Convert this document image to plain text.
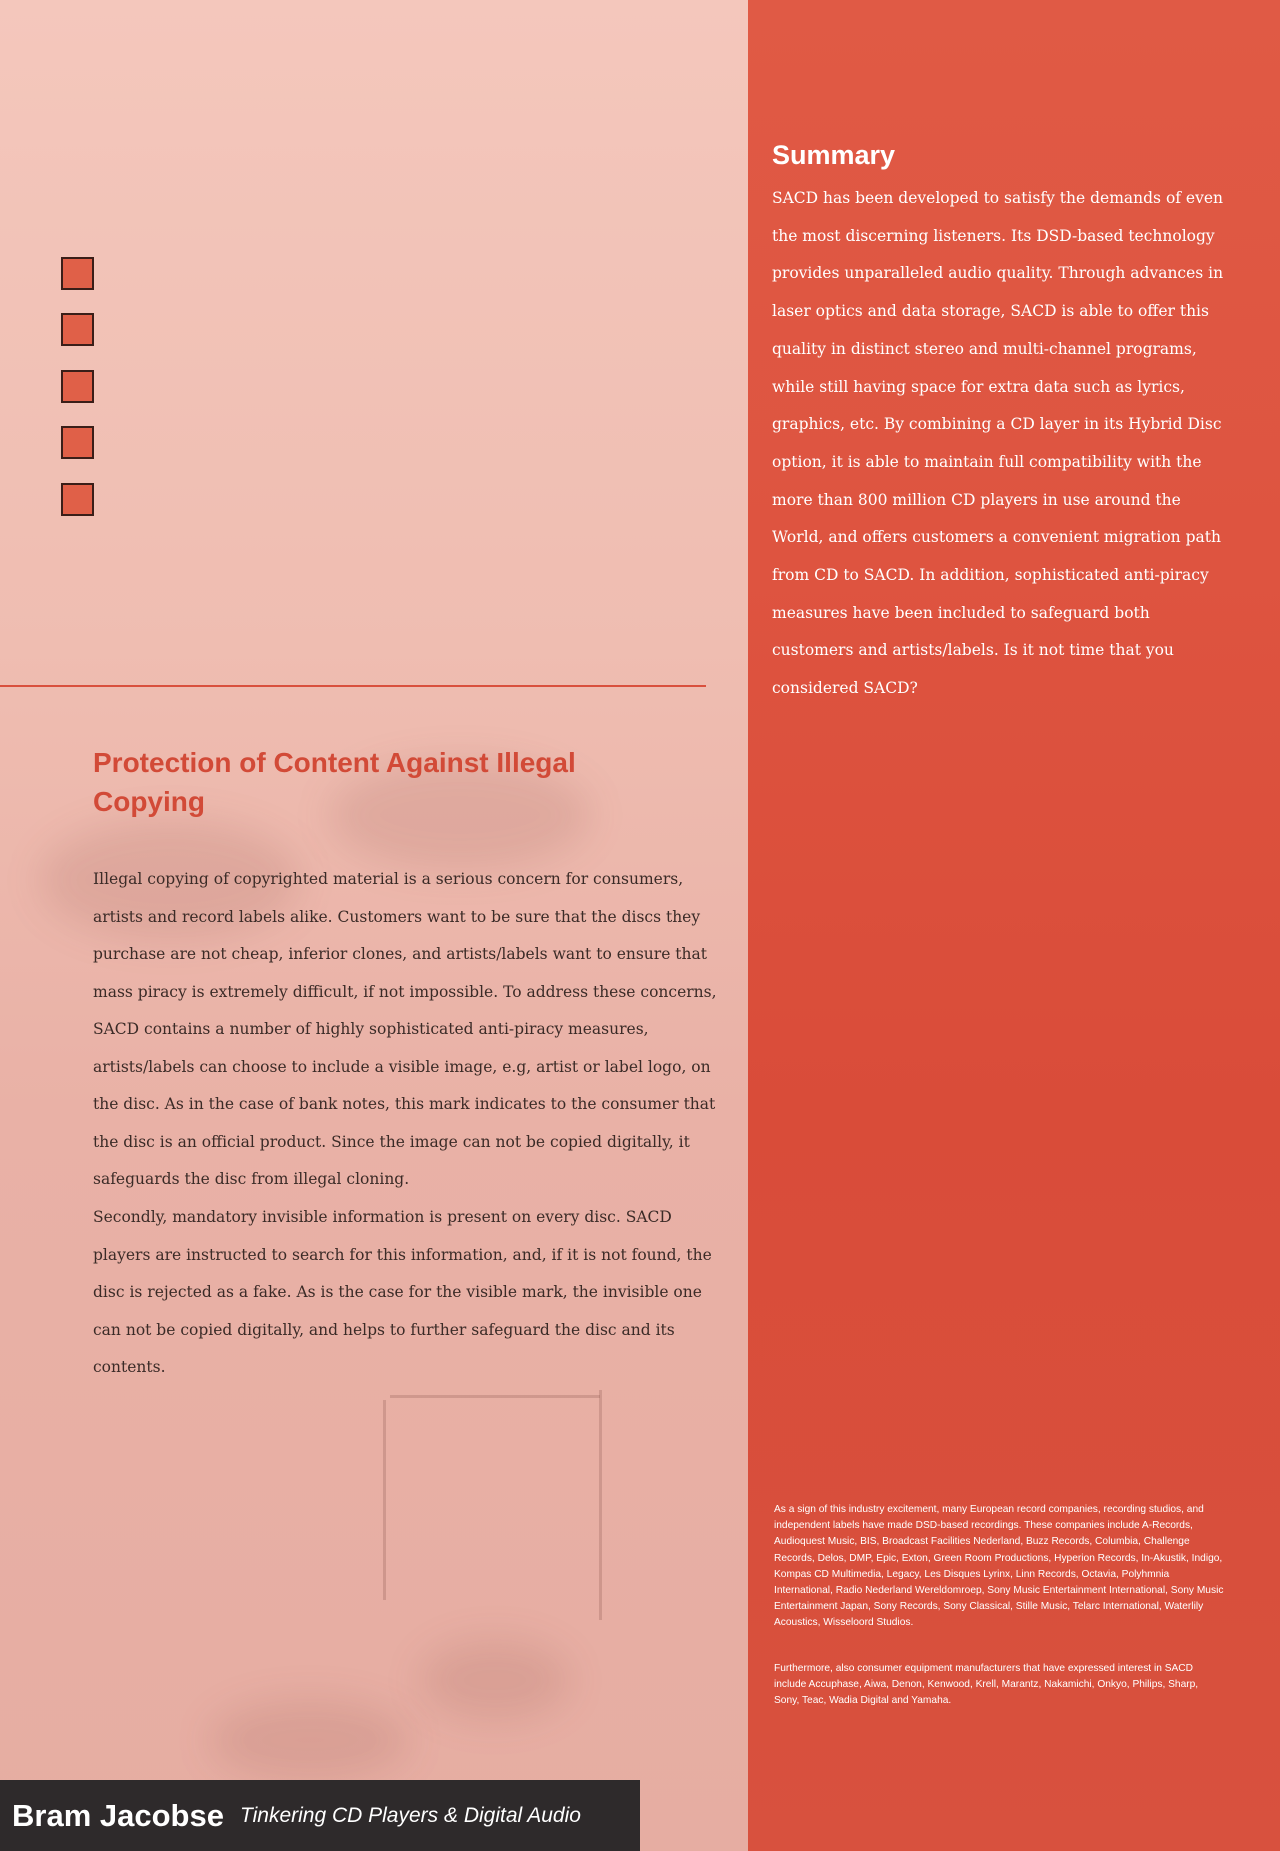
Protection of Content Against Illegal Copying

Illegal copying of copyrighted material is a serious concern for consumers, artists and record labels alike. Customers want to be sure that the discs they purchase are not cheap, inferior clones, and artists/labels want to ensure that mass piracy is extremely difficult, if not impossible. To address these concerns, SACD contains a number of highly sophisticated anti-piracy measures, artists/labels can choose to include a visible image, e.g, artist or label logo, on the disc. As in the case of bank notes, this mark indicates to the consumer that the disc is an official product. Since the image can not be copied digitally, it safeguards the disc from illegal cloning.

Secondly, mandatory invisible information is present on every disc. SACD players are instructed to search for this information, and, if it is not found, the disc is rejected as a fake. As is the case for the visible mark, the invisible one can not be copied digitally, and helps to further safeguard the disc and its contents.

Summary

SACD has been developed to satisfy the demands of even the most discerning listeners. Its DSD-based technology provides unparalleled audio quality. Through advances in laser optics and data storage, SACD is able to offer this quality in distinct stereo and multi-channel programs, while still having space for extra data such as lyrics, graphics, etc. By combining a CD layer in its Hybrid Disc option, it is able to maintain full compatibility with the more than 800 million CD players in use around the World, and offers customers a convenient migration path from CD to SACD. In addition, sophisticated anti-piracy measures have been included to safeguard both customers and artists/labels. Is it not time that you considered SACD?

As a sign of this industry excitement, many European record companies, recording studios, and independent labels have made DSD-based recordings. These companies include A-Records, Audioquest Music, BIS, Broadcast Facilities Nederland, Buzz Records, Columbia, Challenge Records, Delos, DMP, Epic, Exton, Green Room Productions, Hyperion Records, In-Akustik, Indigo, Kompas CD Multimedia, Legacy, Les Disques Lyrinx, Linn Records, Octavia, Polyhmnia International, Radio Nederland Wereldomroep, Sony Music Entertainment International, Sony Music Entertainment Japan, Sony Records, Sony Classical, Stille Music, Telarc International, Waterlily Acoustics, Wisseloord Studios.

Furthermore, also consumer equipment manufacturers that have expressed interest in SACD include Accuphase, Aiwa, Denon, Kenwood, Krell, Marantz, Nakamichi, Onkyo, Philips, Sharp, Sony, Teac, Wadia Digital and Yamaha.

Bram Jacobse Tinkering CD Players & Digital Audio
